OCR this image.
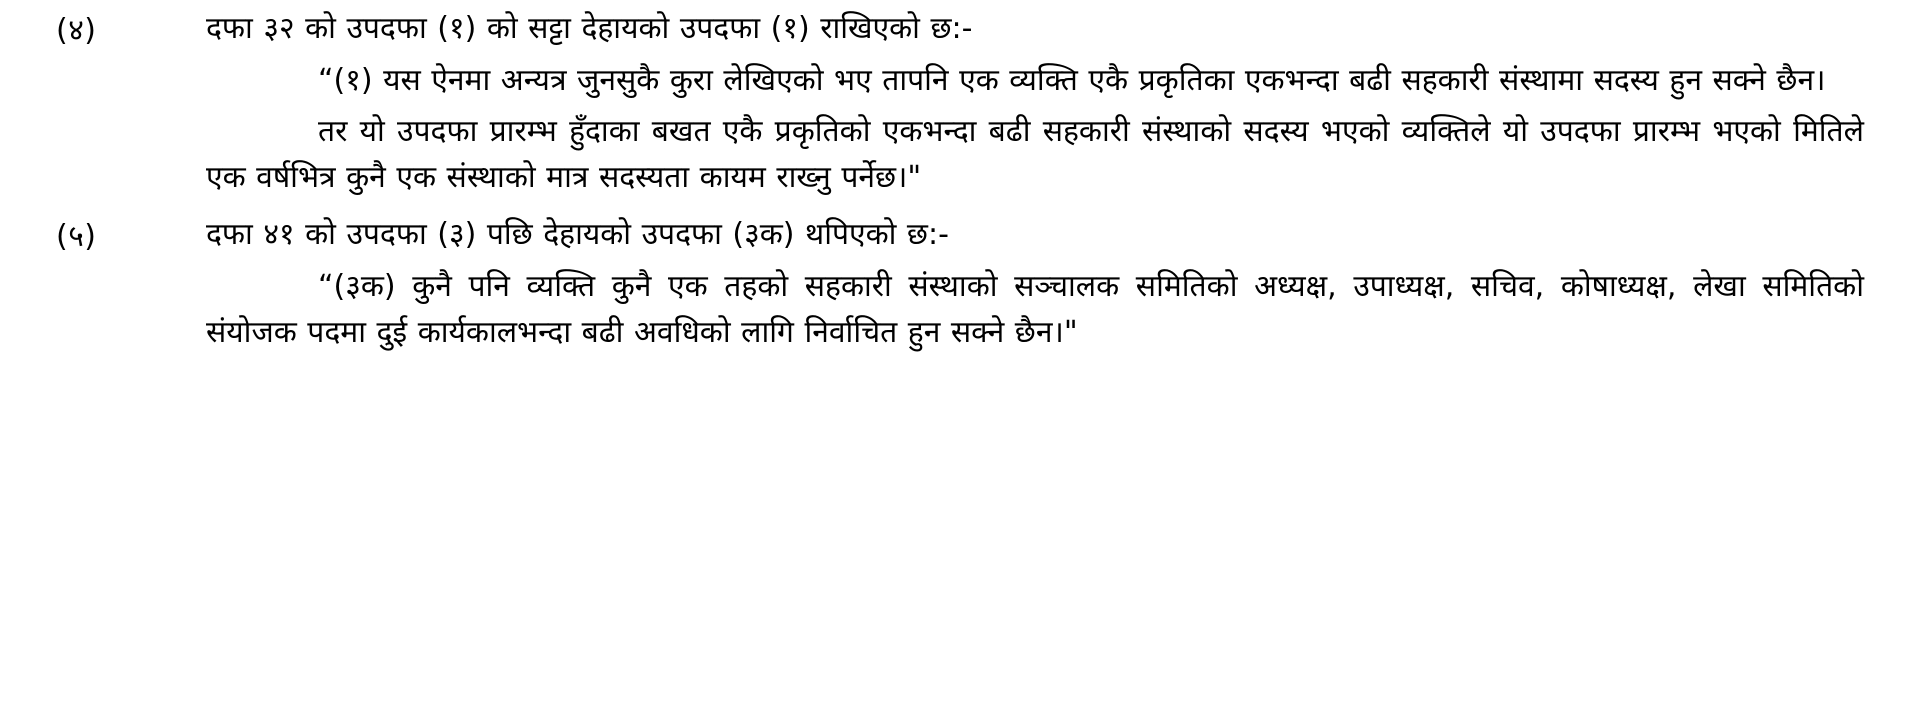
(४)	दफा ३२ को उपदफा (१) को सट्टा देहायको उपदफा (१) राखिएको छ:-

“(१) यस ऐनमा अन्यत्र जुनसुकै कुरा लेखिएको भए तापनि एक व्यक्ति एकै प्रकृतिका एकभन्दा बढी सहकारी संस्थामा सदस्य हुन सक्ने छैन।

तर यो उपदफा प्रारम्भ हुँदाका बखत एकै प्रकृतिको एकभन्दा बढी सहकारी संस्थाको सदस्य भएको व्यक्तिले यो उपदफा प्रारम्भ भएको मितिले एक वर्षभित्र कुनै एक संस्थाको मात्र सदस्यता कायम राख्नु पर्नेछ।"

(५)	दफा ४१ को उपदफा (३) पछि देहायको उपदफा (३क) थपिएको छ:-

“(३क) कुनै पनि व्यक्ति कुनै एक तहको सहकारी संस्थाको सञ्चालक समितिको अध्यक्ष, उपाध्यक्ष, सचिव, कोषाध्यक्ष, लेखा समितिको संयोजक पदमा दुई कार्यकालभन्दा बढी अवधिको लागि निर्वाचित हुन सक्ने छैन।"
